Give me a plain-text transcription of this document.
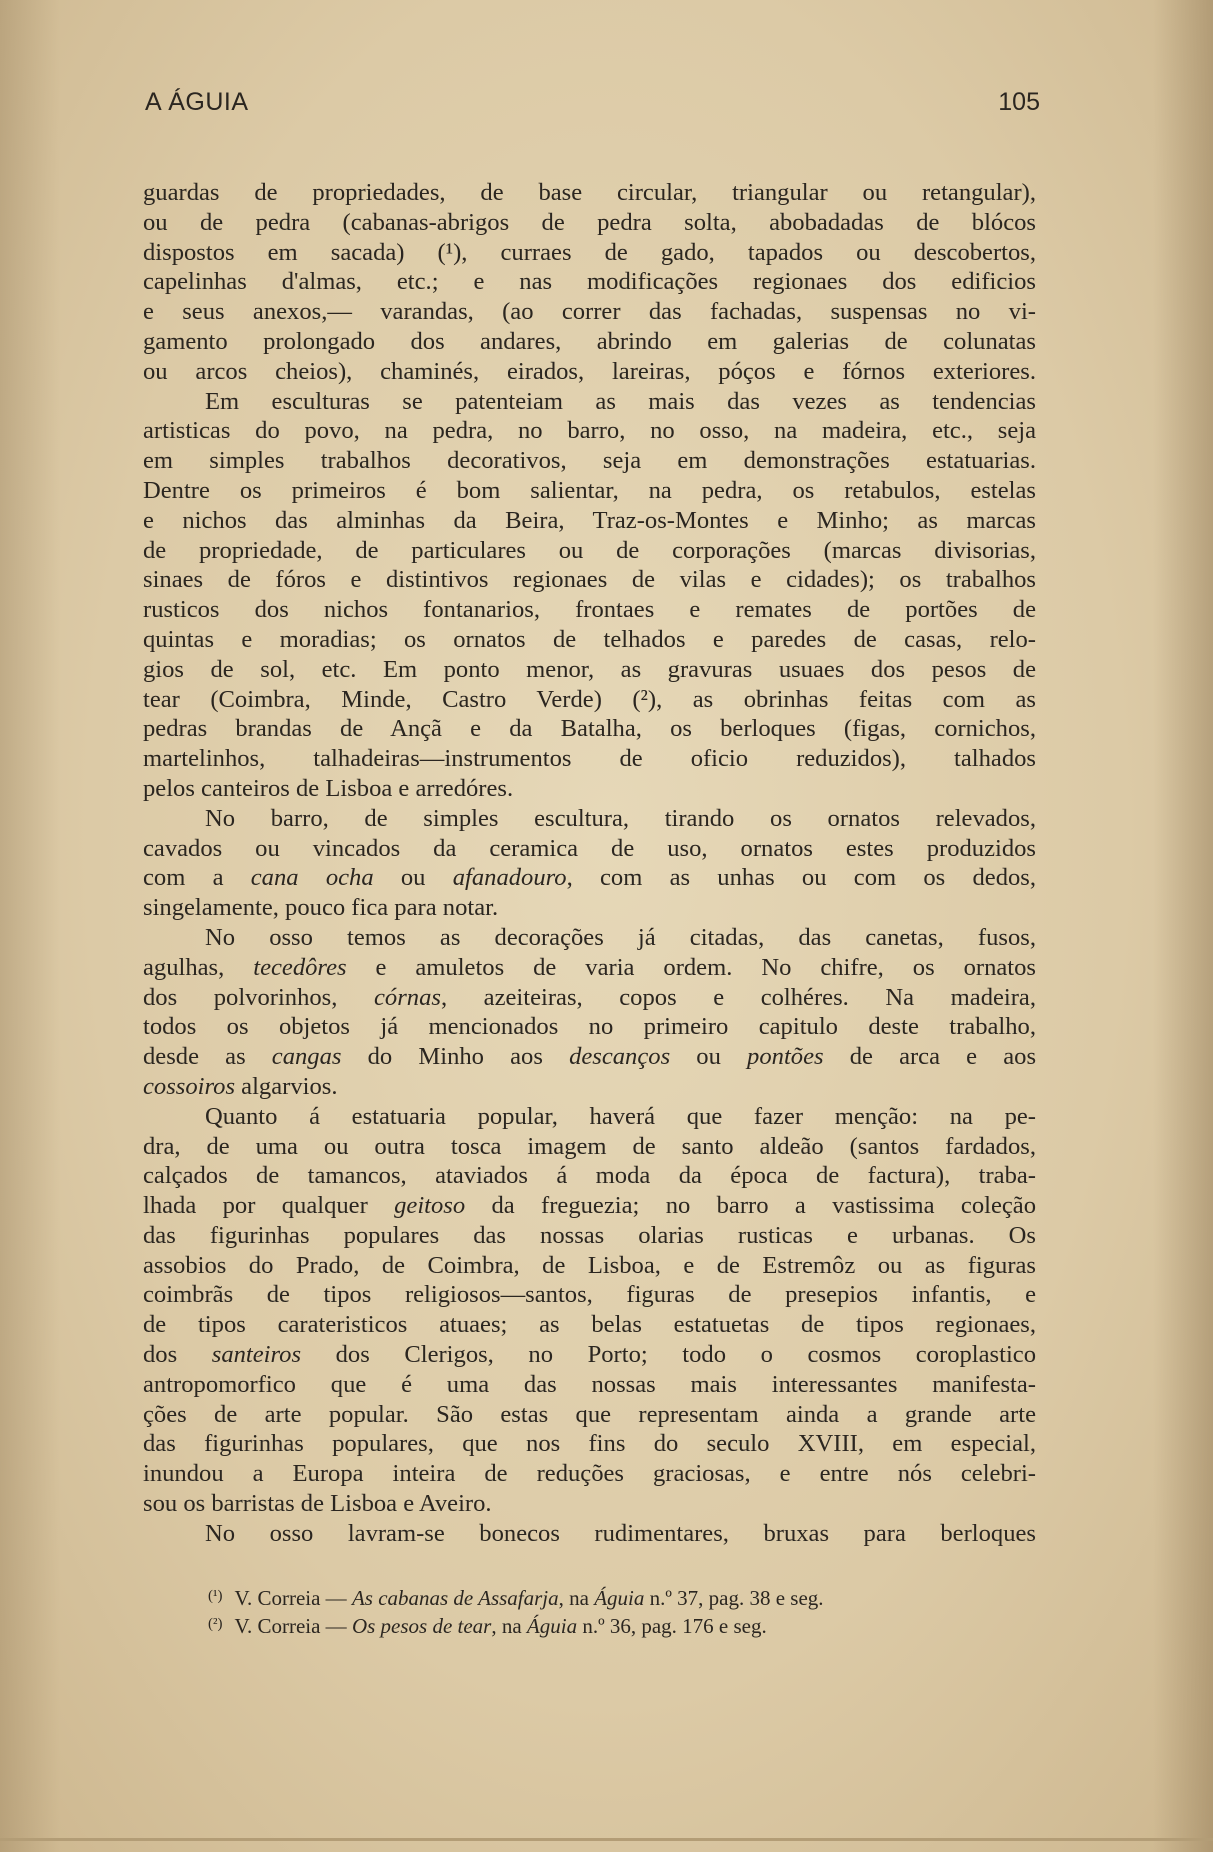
A ÁGUIA	105
guardas de propriedades, de base circular, triangular ou retangular),
ou de pedra (cabanas-abrigos de pedra solta, abobadadas de blócos
dispostos em sacada) (¹), curraes de gado, tapados ou descobertos,
capelinhas d'almas, etc.; e nas modificações regionaes dos edificios
e seus anexos,— varandas, (ao correr das fachadas, suspensas no vi-
gamento prolongado dos andares, abrindo em galerias de colunatas
ou arcos cheios), chaminés, eirados, lareiras, póços e fórnos exteriores.
Em esculturas se patenteiam as mais das vezes as tendencias
artisticas do povo, na pedra, no barro, no osso, na madeira, etc., seja
em simples trabalhos decorativos, seja em demonstrações estatuarias.
Dentre os primeiros é bom salientar, na pedra, os retabulos, estelas
e nichos das alminhas da Beira, Traz-os-Montes e Minho; as marcas
de propriedade, de particulares ou de corporações (marcas divisorias,
sinaes de fóros e distintivos regionaes de vilas e cidades); os trabalhos
rusticos dos nichos fontanarios, frontaes e remates de portões de
quintas e moradias; os ornatos de telhados e paredes de casas, relo-
gios de sol, etc. Em ponto menor, as gravuras usuaes dos pesos de
tear (Coimbra, Minde, Castro Verde) (²), as obrinhas feitas com as
pedras brandas de Ançã e da Batalha, os berloques (figas, cornichos,
martelinhos, talhadeiras—instrumentos de oficio reduzidos), talhados
pelos canteiros de Lisboa e arredóres.
No barro, de simples escultura, tirando os ornatos relevados,
cavados ou vincados da ceramica de uso, ornatos estes produzidos
com a cana ocha ou afanadouro, com as unhas ou com os dedos,
singelamente, pouco fica para notar.
No osso temos as decorações já citadas, das canetas, fusos,
agulhas, tecedôres e amuletos de varia ordem. No chifre, os ornatos
dos polvorinhos, córnas, azeiteiras, copos e colhéres. Na madeira,
todos os objetos já mencionados no primeiro capitulo deste trabalho,
desde as cangas do Minho aos descanços ou pontões de arca e aos
cossoiros algarvios.
Quanto á estatuaria popular, haverá que fazer menção: na pe-
dra, de uma ou outra tosca imagem de santo aldeão (santos fardados,
calçados de tamancos, ataviados á moda da época de factura), traba-
lhada por qualquer geitoso da freguezia; no barro a vastissima coleção
das figurinhas populares das nossas olarias rusticas e urbanas. Os
assobios do Prado, de Coimbra, de Lisboa, e de Estremôz ou as figuras
coimbrãs de tipos religiosos—santos, figuras de presepios infantis, e
de tipos carateristicos atuaes; as belas estatuetas de tipos regionaes,
dos santeiros dos Clerigos, no Porto; todo o cosmos coroplastico
antropomorfico que é uma das nossas mais interessantes manifesta-
ções de arte popular. São estas que representam ainda a grande arte
das figurinhas populares, que nos fins do seculo XVIII, em especial,
inundou a Europa inteira de reduções graciosas, e entre nós celebri-
sou os barristas de Lisboa e Aveiro.
No osso lavram-se bonecos rudimentares, bruxas para berloques
$^{(^1)}$ V. Correia — As cabanas de Assafarja, na Águia n.º 37, pag. 38 e seg.
$^{(^2)}$ V. Correia — Os pesos de tear, na Águia n.º 36, pag. 176 e seg.
